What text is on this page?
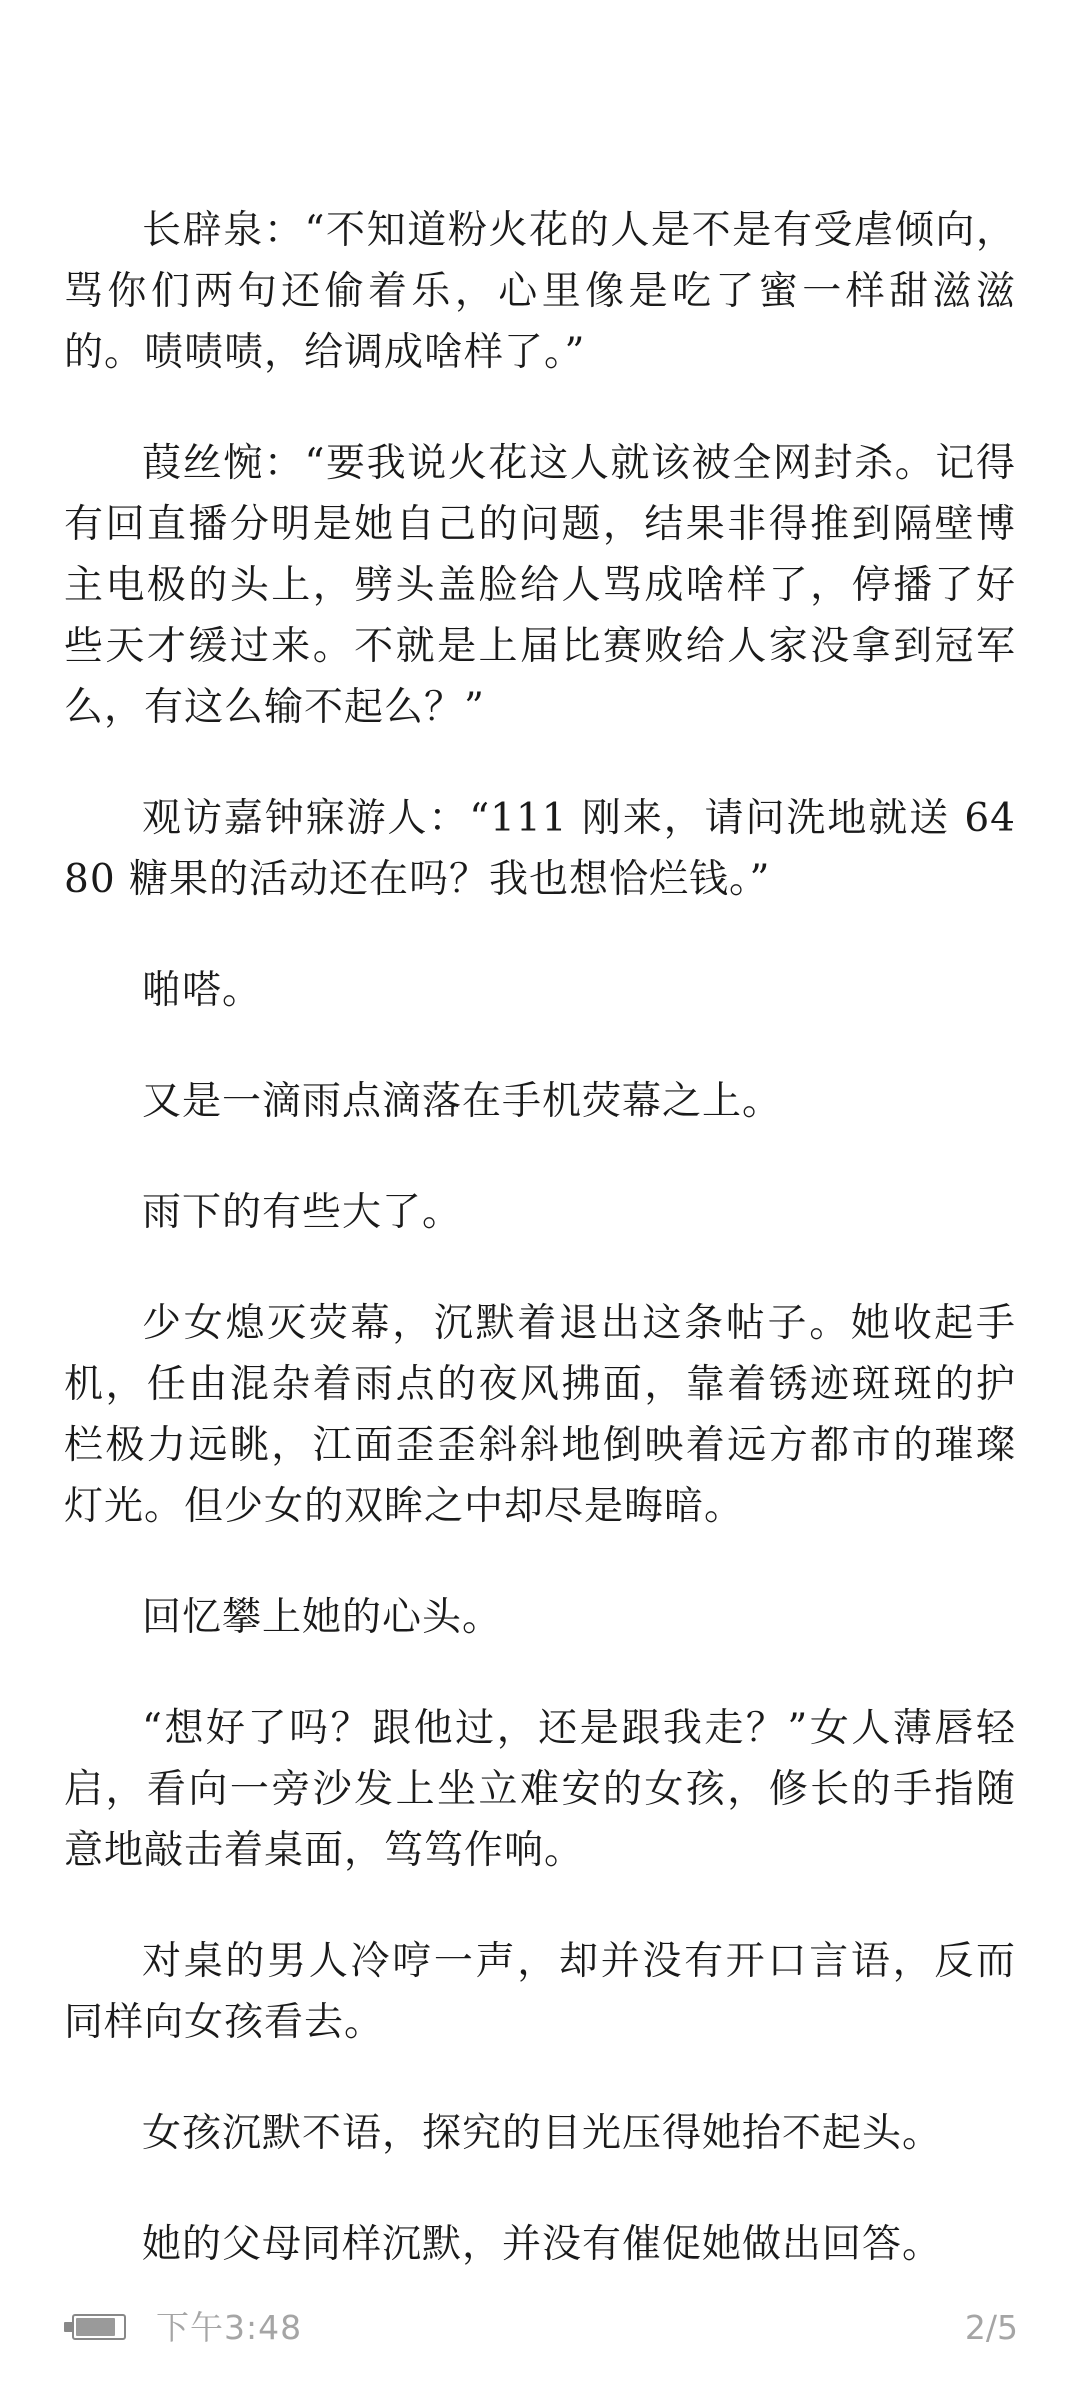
长辟泉：“不知道粉火花的人是不是有受虐倾向，骂你们两句还偷着乐，心里像是吃了蜜一样甜滋滋的。啧啧啧，给调成啥样了。”

葭丝惋：“要我说火花这人就该被全网封杀。记得有回直播分明是她自己的问题，结果非得推到隔壁博主电极的头上，劈头盖脸给人骂成啥样了，停播了好些天才缓过来。不就是上届比赛败给人家没拿到冠军么，有这么输不起么？”

观访嘉钟寐游人：“111 刚来，请问洗地就送 6480 糖果的活动还在吗？我也想恰烂钱。”

啪嗒。

又是一滴雨点滴落在手机荧幕之上。

雨下的有些大了。

少女熄灭荧幕，沉默着退出这条帖子。她收起手机，任由混杂着雨点的夜风拂面，靠着锈迹斑斑的护栏极力远眺，江面歪歪斜斜地倒映着远方都市的璀璨灯光。但少女的双眸之中却尽是晦暗。

回忆攀上她的心头。

“想好了吗？跟他过，还是跟我走？”女人薄唇轻启，看向一旁沙发上坐立难安的女孩，修长的手指随意地敲击着桌面，笃笃作响。

对桌的男人冷哼一声，却并没有开口言语，反而同样向女孩看去。

女孩沉默不语，探究的目光压得她抬不起头。

她的父母同样沉默，并没有催促她做出回答。

下午3:48	2/5
